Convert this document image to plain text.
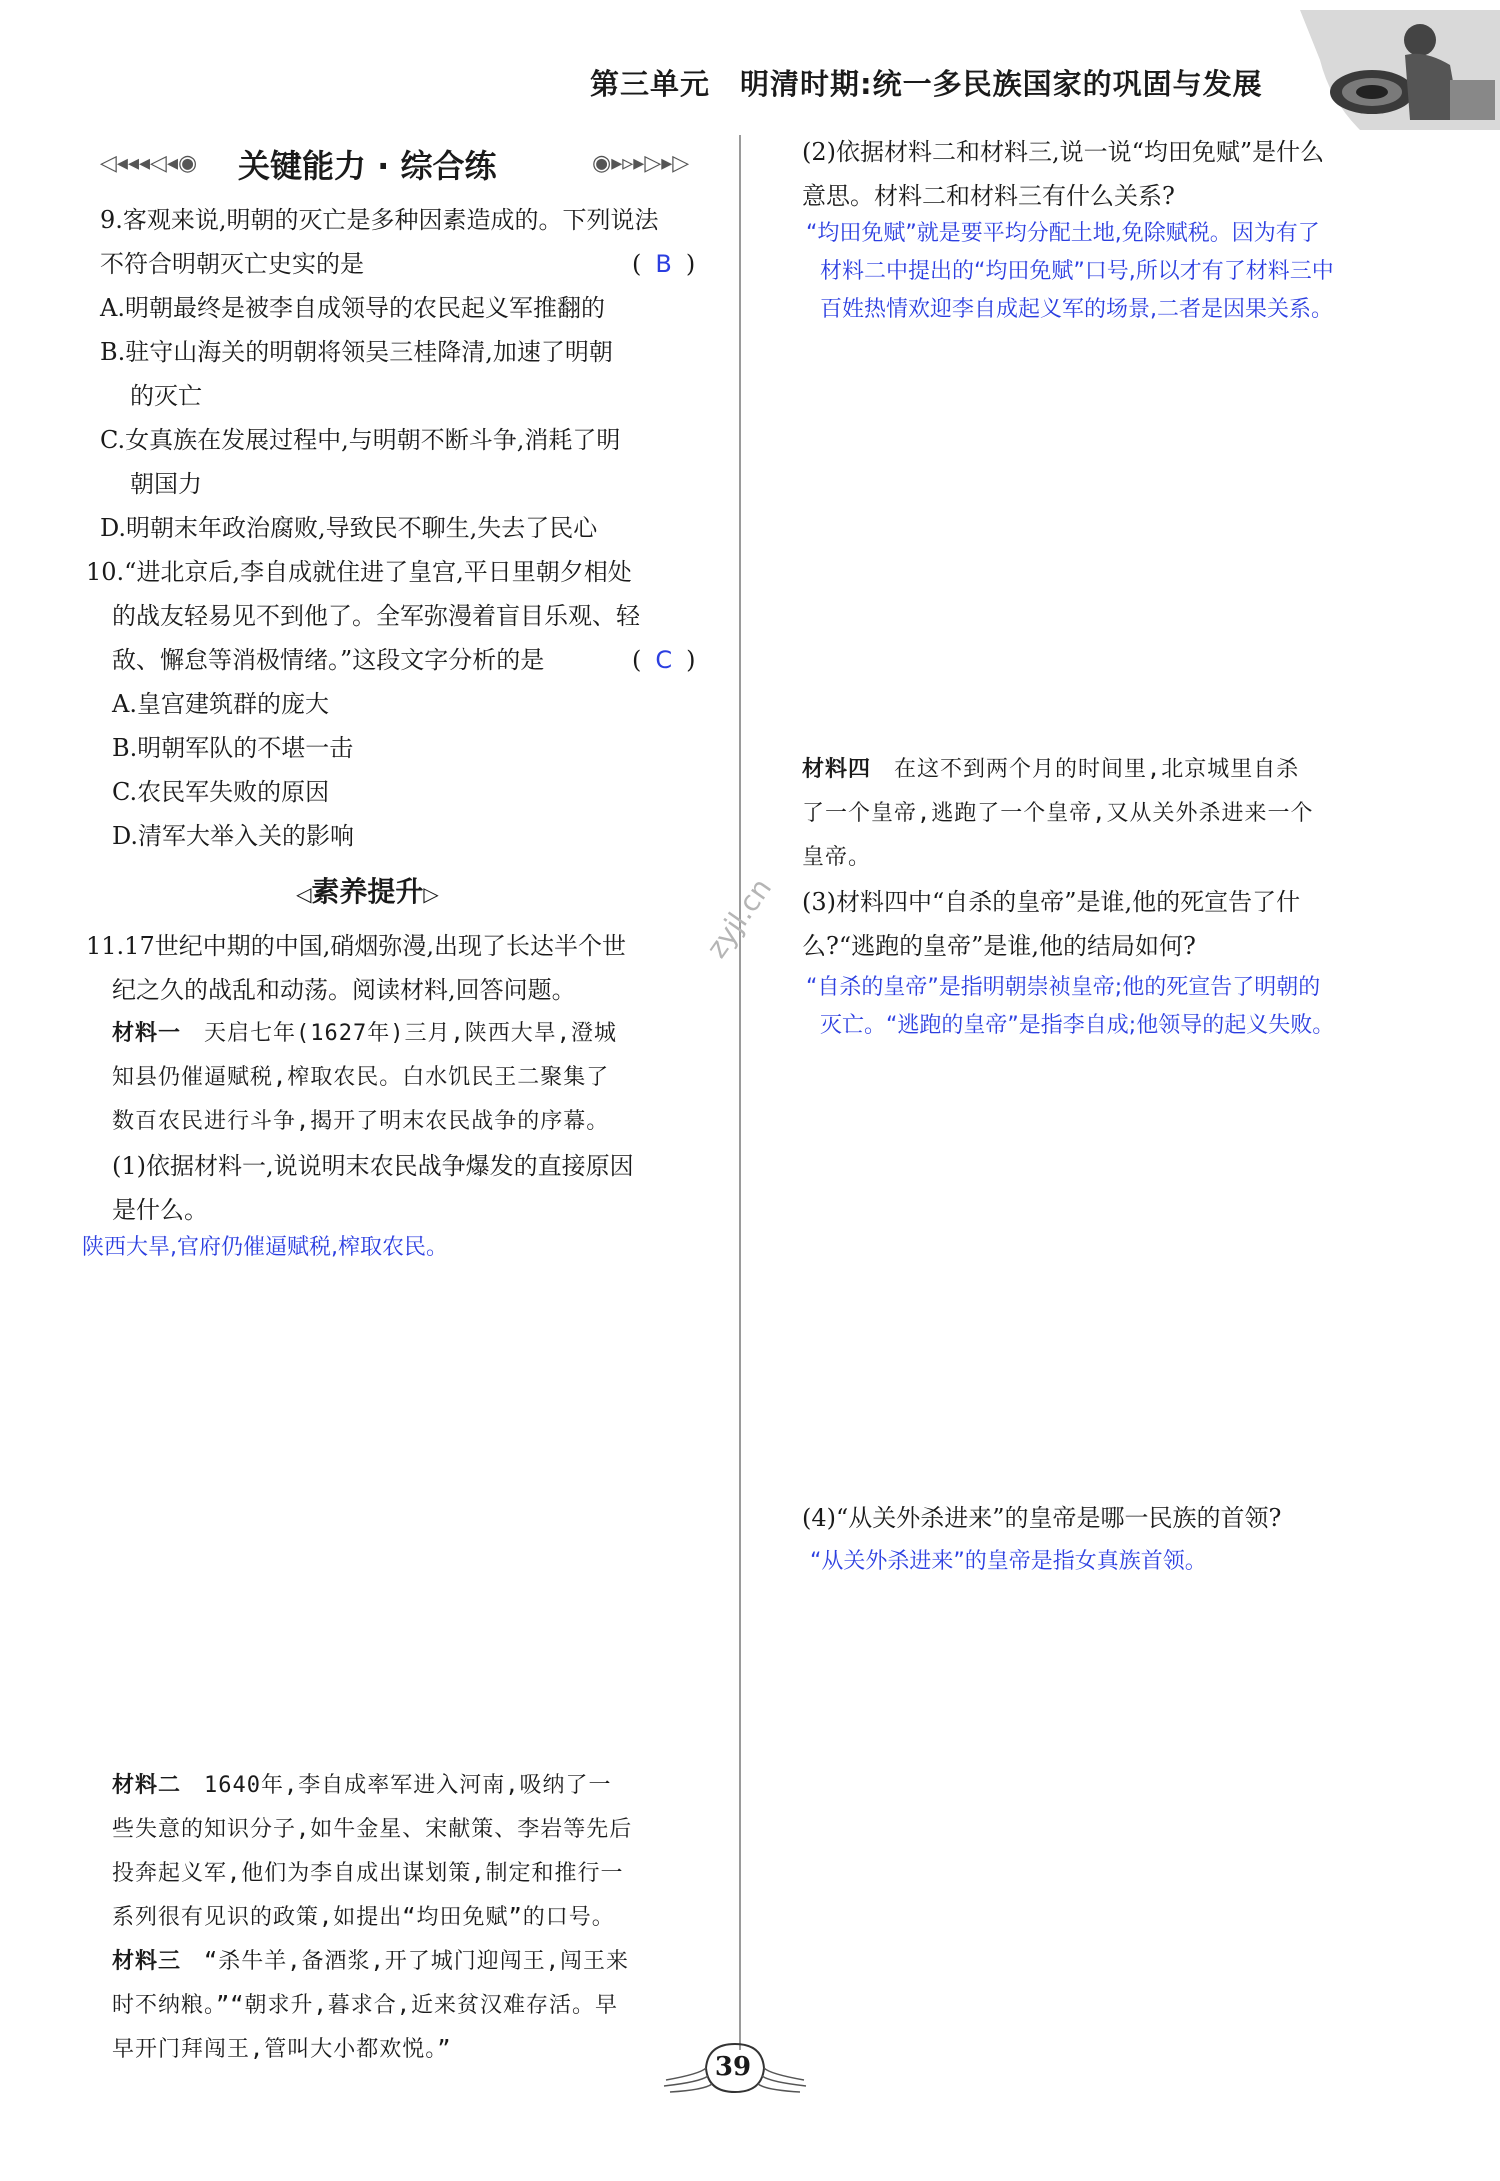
第三单元　明清时期:统一多民族国家的巩固与发展
◁◂◂◂◁◂◉ 关键能力 · 综合练	◉▸▹▸▷▸▷
9.客观来说,明朝的灭亡是多种因素造成的。下列说法
不符合明朝灭亡史实的是	( B )
A.明朝最终是被李自成领导的农民起义军推翻的
B.驻守山海关的明朝将领吴三桂降清,加速了明朝
的灭亡
C.女真族在发展过程中,与明朝不断斗争,消耗了明
朝国力
D.明朝末年政治腐败,导致民不聊生,失去了民心
10.“进北京后,李自成就住进了皇宫,平日里朝夕相处
的战友轻易见不到他了。全军弥漫着盲目乐观、轻
敌、懈怠等消极情绪。”这段文字分析的是	( C )
A.皇宫建筑群的庞大
B.明朝军队的不堪一击
C.农民军失败的原因
D.清军大举入关的影响
◁素养提升▷
11.17世纪中期的中国,硝烟弥漫,出现了长达半个世
纪之久的战乱和动荡。阅读材料,回答问题。
材料一　 天启七年(1627年)三月,陕西大旱,澄城
知县仍催逼赋税,榨取农民。白水饥民王二聚集了
数百农民进行斗争,揭开了明末农民战争的序幕。
(1)依据材料一,说说明末农民战争爆发的直接原因
是什么。
陕西大旱,官府仍催逼赋税,榨取农民。
材料二　 1640年,李自成率军进入河南,吸纳了一
些失意的知识分子,如牛金星、宋献策、李岩等先后
投奔起义军,他们为李自成出谋划策,制定和推行一
系列很有见识的政策,如提出“均田免赋”的口号。
材料三　 “杀牛羊,备酒浆,开了城门迎闯王,闯王来
时不纳粮。”“朝求升,暮求合,近来贫汉难存活。早
早开门拜闯王,管叫大小都欢悦。”
(2)依据材料二和材料三,说一说“均田免赋”是什么
意思。材料二和材料三有什么关系?
“均田免赋”就是要平均分配土地,免除赋税。因为有了
材料二中提出的“均田免赋”口号,所以才有了材料三中
百姓热情欢迎李自成起义军的场景,二者是因果关系。
材料四　 在这不到两个月的时间里,北京城里自杀
了一个皇帝,逃跑了一个皇帝,又从关外杀进来一个
皇帝。
(3)材料四中“自杀的皇帝”是谁,他的死宣告了什
么?“逃跑的皇帝”是谁,他的结局如何?
“自杀的皇帝”是指明朝崇祯皇帝;他的死宣告了明朝的
灭亡。“逃跑的皇帝”是指李自成;他领导的起义失败。
(4)“从关外杀进来”的皇帝是哪一民族的首领?
“从关外杀进来”的皇帝是指女真族首领。
zyjl.cn
39
